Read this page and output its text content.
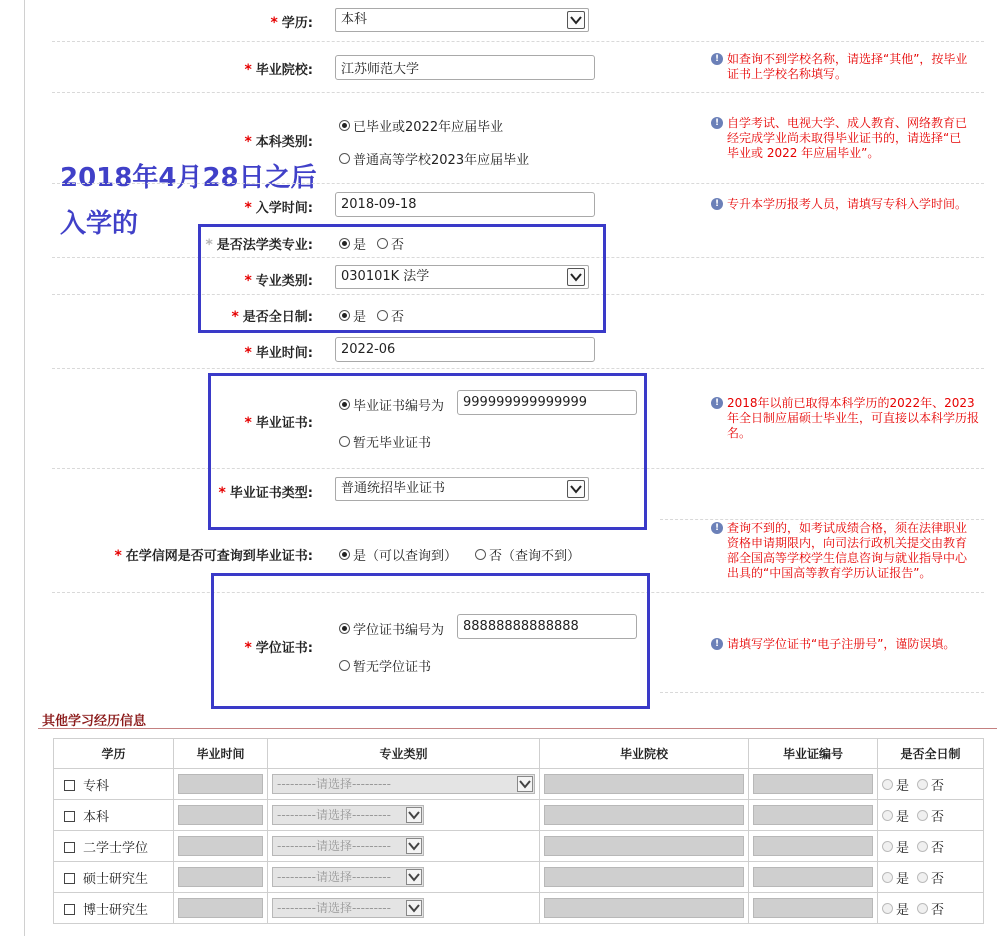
* 学历:	本科
* 毕业院校:
江苏师范大学
! 如查询不到学校名称，请选择“其他”，按毕业证书上学校名称填写。
* 本科类别:
已毕业或2022年应届毕业
普通高等学校2023年应届毕业
! 自学考试、电视大学、成人教育、网络教育已经完成学业尚未取得毕业证书的，请选择“已毕业或 2022 年应届毕业”。
2018年4月28日之后
入学的
* 入学时间:
2018-09-18	! 专升本学历报考人员，请填写专科入学时间。
* 是否法学类专业:	是 否
* 专业类别:	030101K 法学
* 是否全日制:	是 否
* 毕业时间:
2022-06
* 毕业证书:
毕业证书编号为
999999999999999
暂无毕业证书
! 2018年以前已取得本科学历的2022年、2023年全日制应届硕士毕业生，可直接以本科学历报名。
* 毕业证书类型:	普通统招毕业证书
* 在学信网是否可查询到毕业证书:	是（可以查询到） 否（查询不到）
! 查询不到的，如考试成绩合格，须在法律职业资格申请期限内，向司法行政机关提交由教育部全国高等学校学生信息咨询与就业指导中心出具的“中国高等教育学历认证报告”。
* 学位证书:
学位证书编号为
88888888888888
暂无学位证书
! 请填写学位证书“电子注册号”，谨防误填。
其他学习经历信息
学历	毕业时间	专业类别	毕业院校	毕业证编号	是否全日制
专科		---------请选择---------			是 否

本科		---------请选择---------			是 否

二学士学位		---------请选择---------			是 否

硕士研究生		---------请选择---------			是 否

博士研究生		---------请选择---------			是 否
